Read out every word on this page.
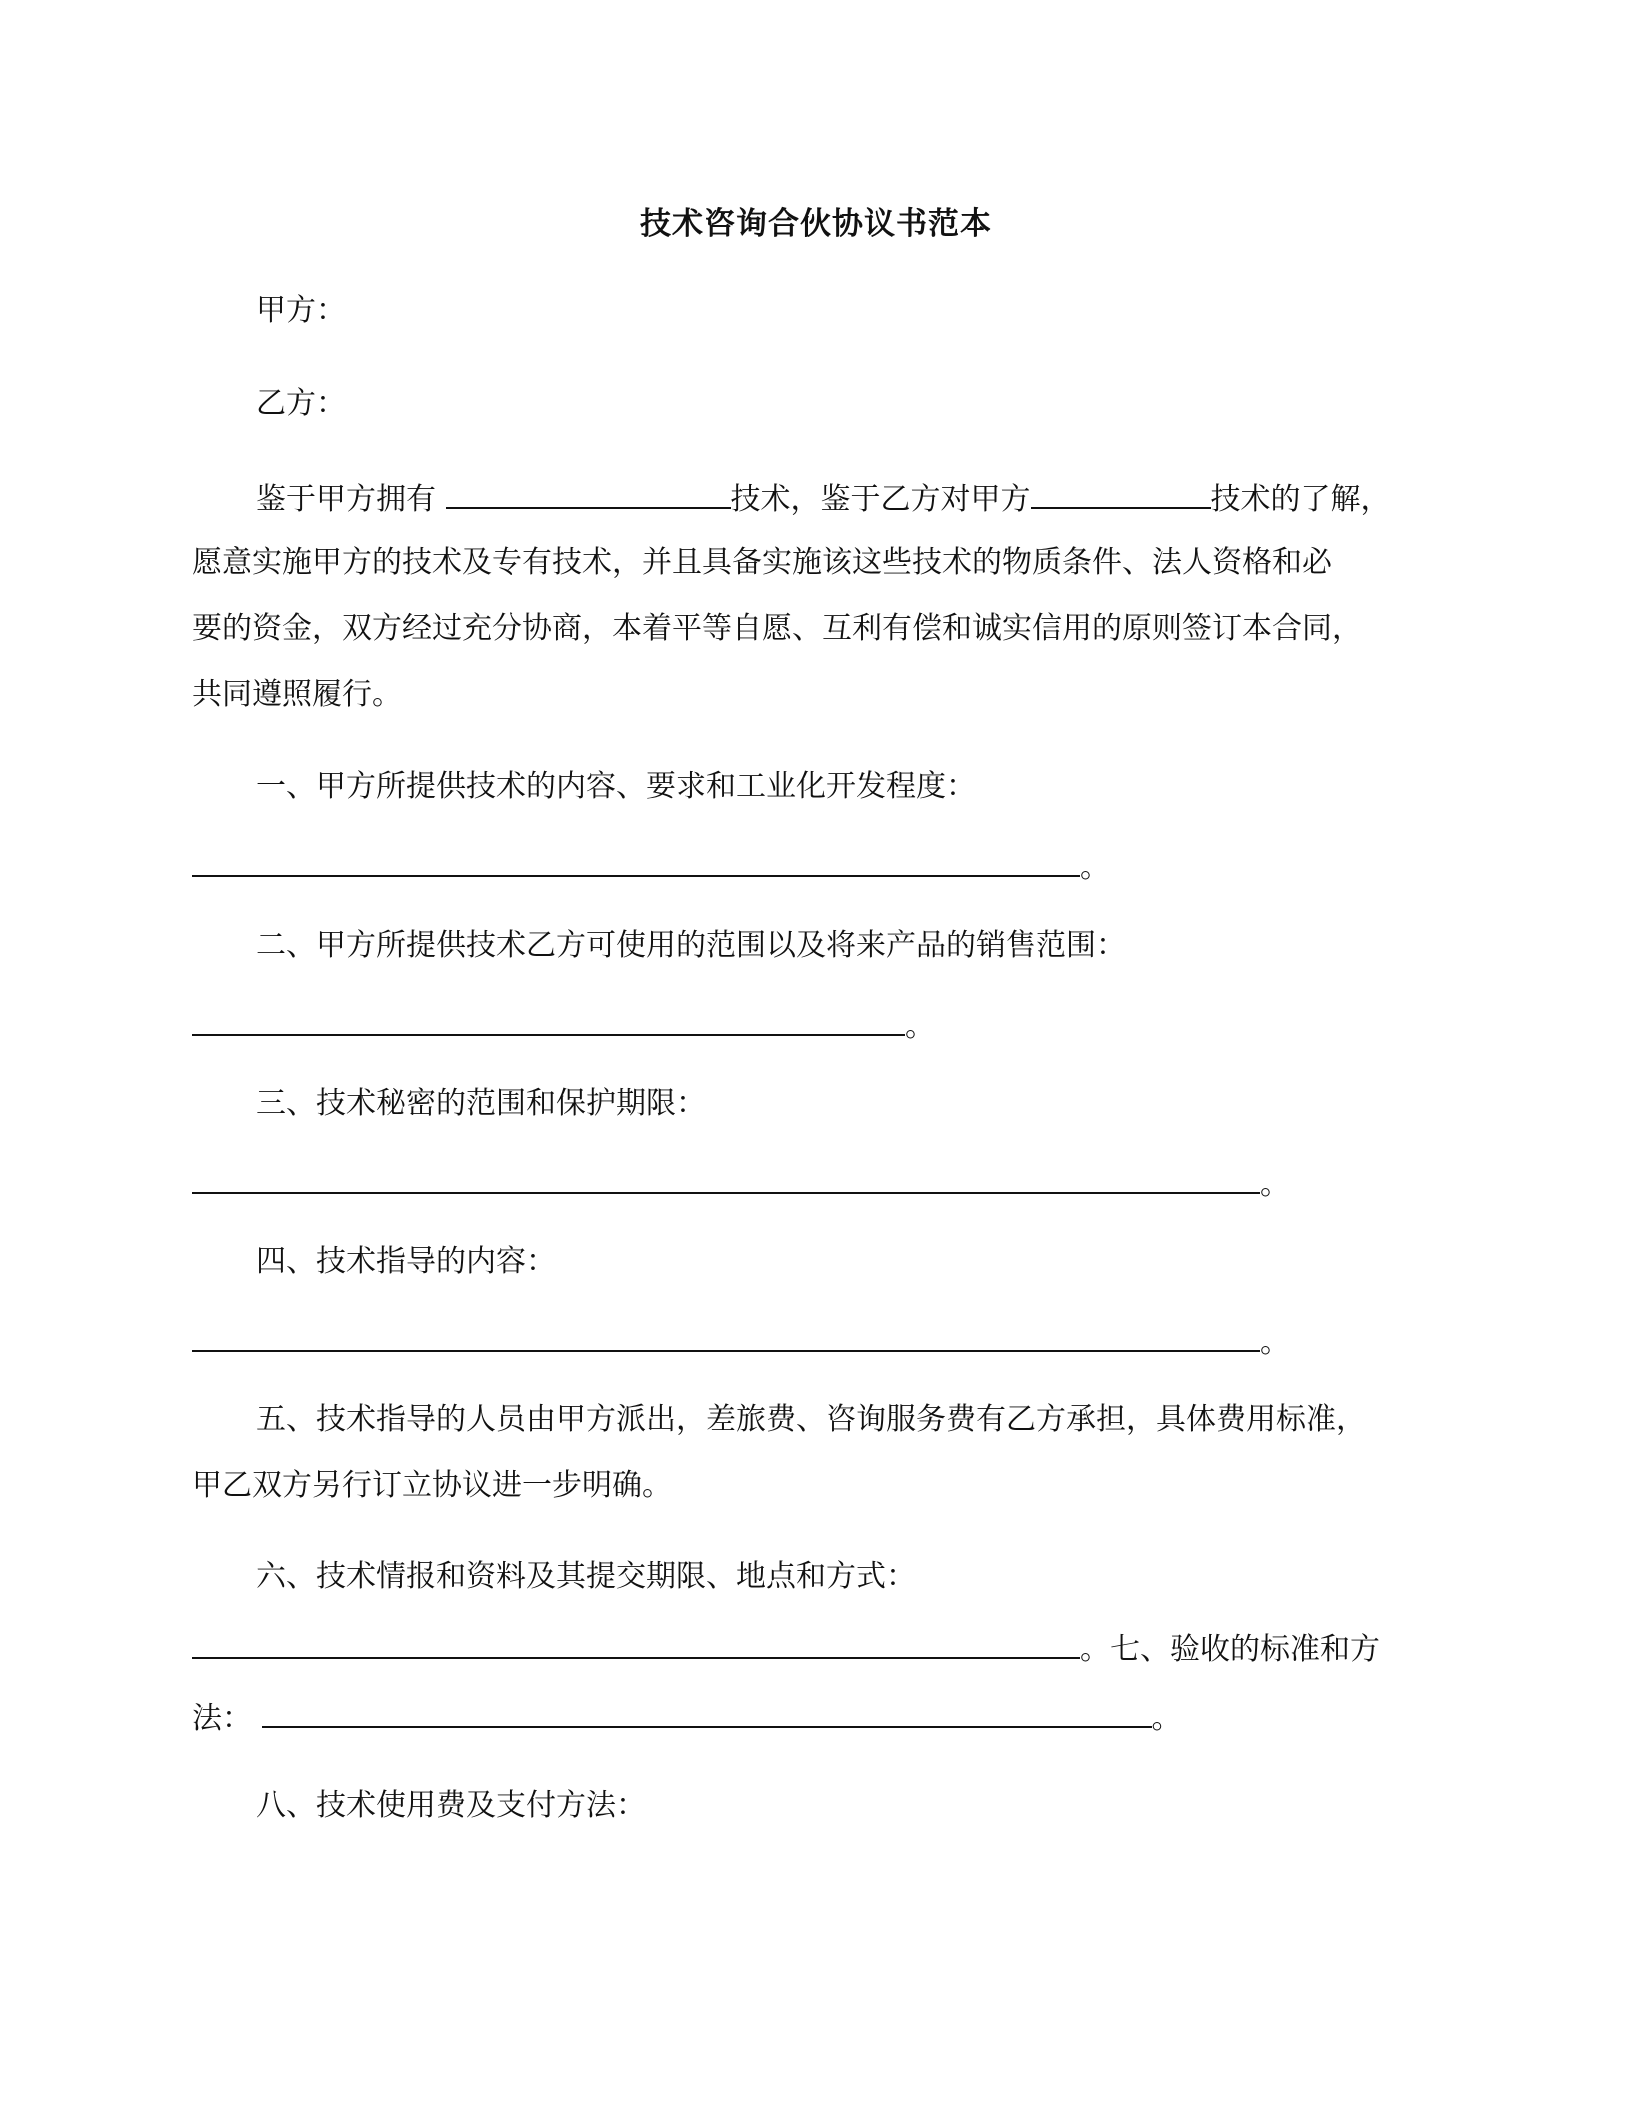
技术咨询合伙协议书范本
甲方：
乙方：
鉴于甲方拥有	技术，鉴于乙方对甲方	技术的了解，
愿意实施甲方的技术及专有技术，并且具备实施该这些技术的物质条件、法人资格和必
要的资金，双方经过充分协商，本着平等自愿、互利有偿和诚实信用的原则签订本合同，
共同遵照履行。
一、甲方所提供技术的内容、要求和工业化开发程度：
。
二、甲方所提供技术乙方可使用的范围以及将来产品的销售范围：
。
三、技术秘密的范围和保护期限：
。
四、技术指导的内容：
。
五、技术指导的人员由甲方派出，差旅费、咨询服务费有乙方承担，具体费用标准，
甲乙双方另行订立协议进一步明确。
六、技术情报和资料及其提交期限、地点和方式：
。七、验收的标准和方
法：	。
八、技术使用费及支付方法：
